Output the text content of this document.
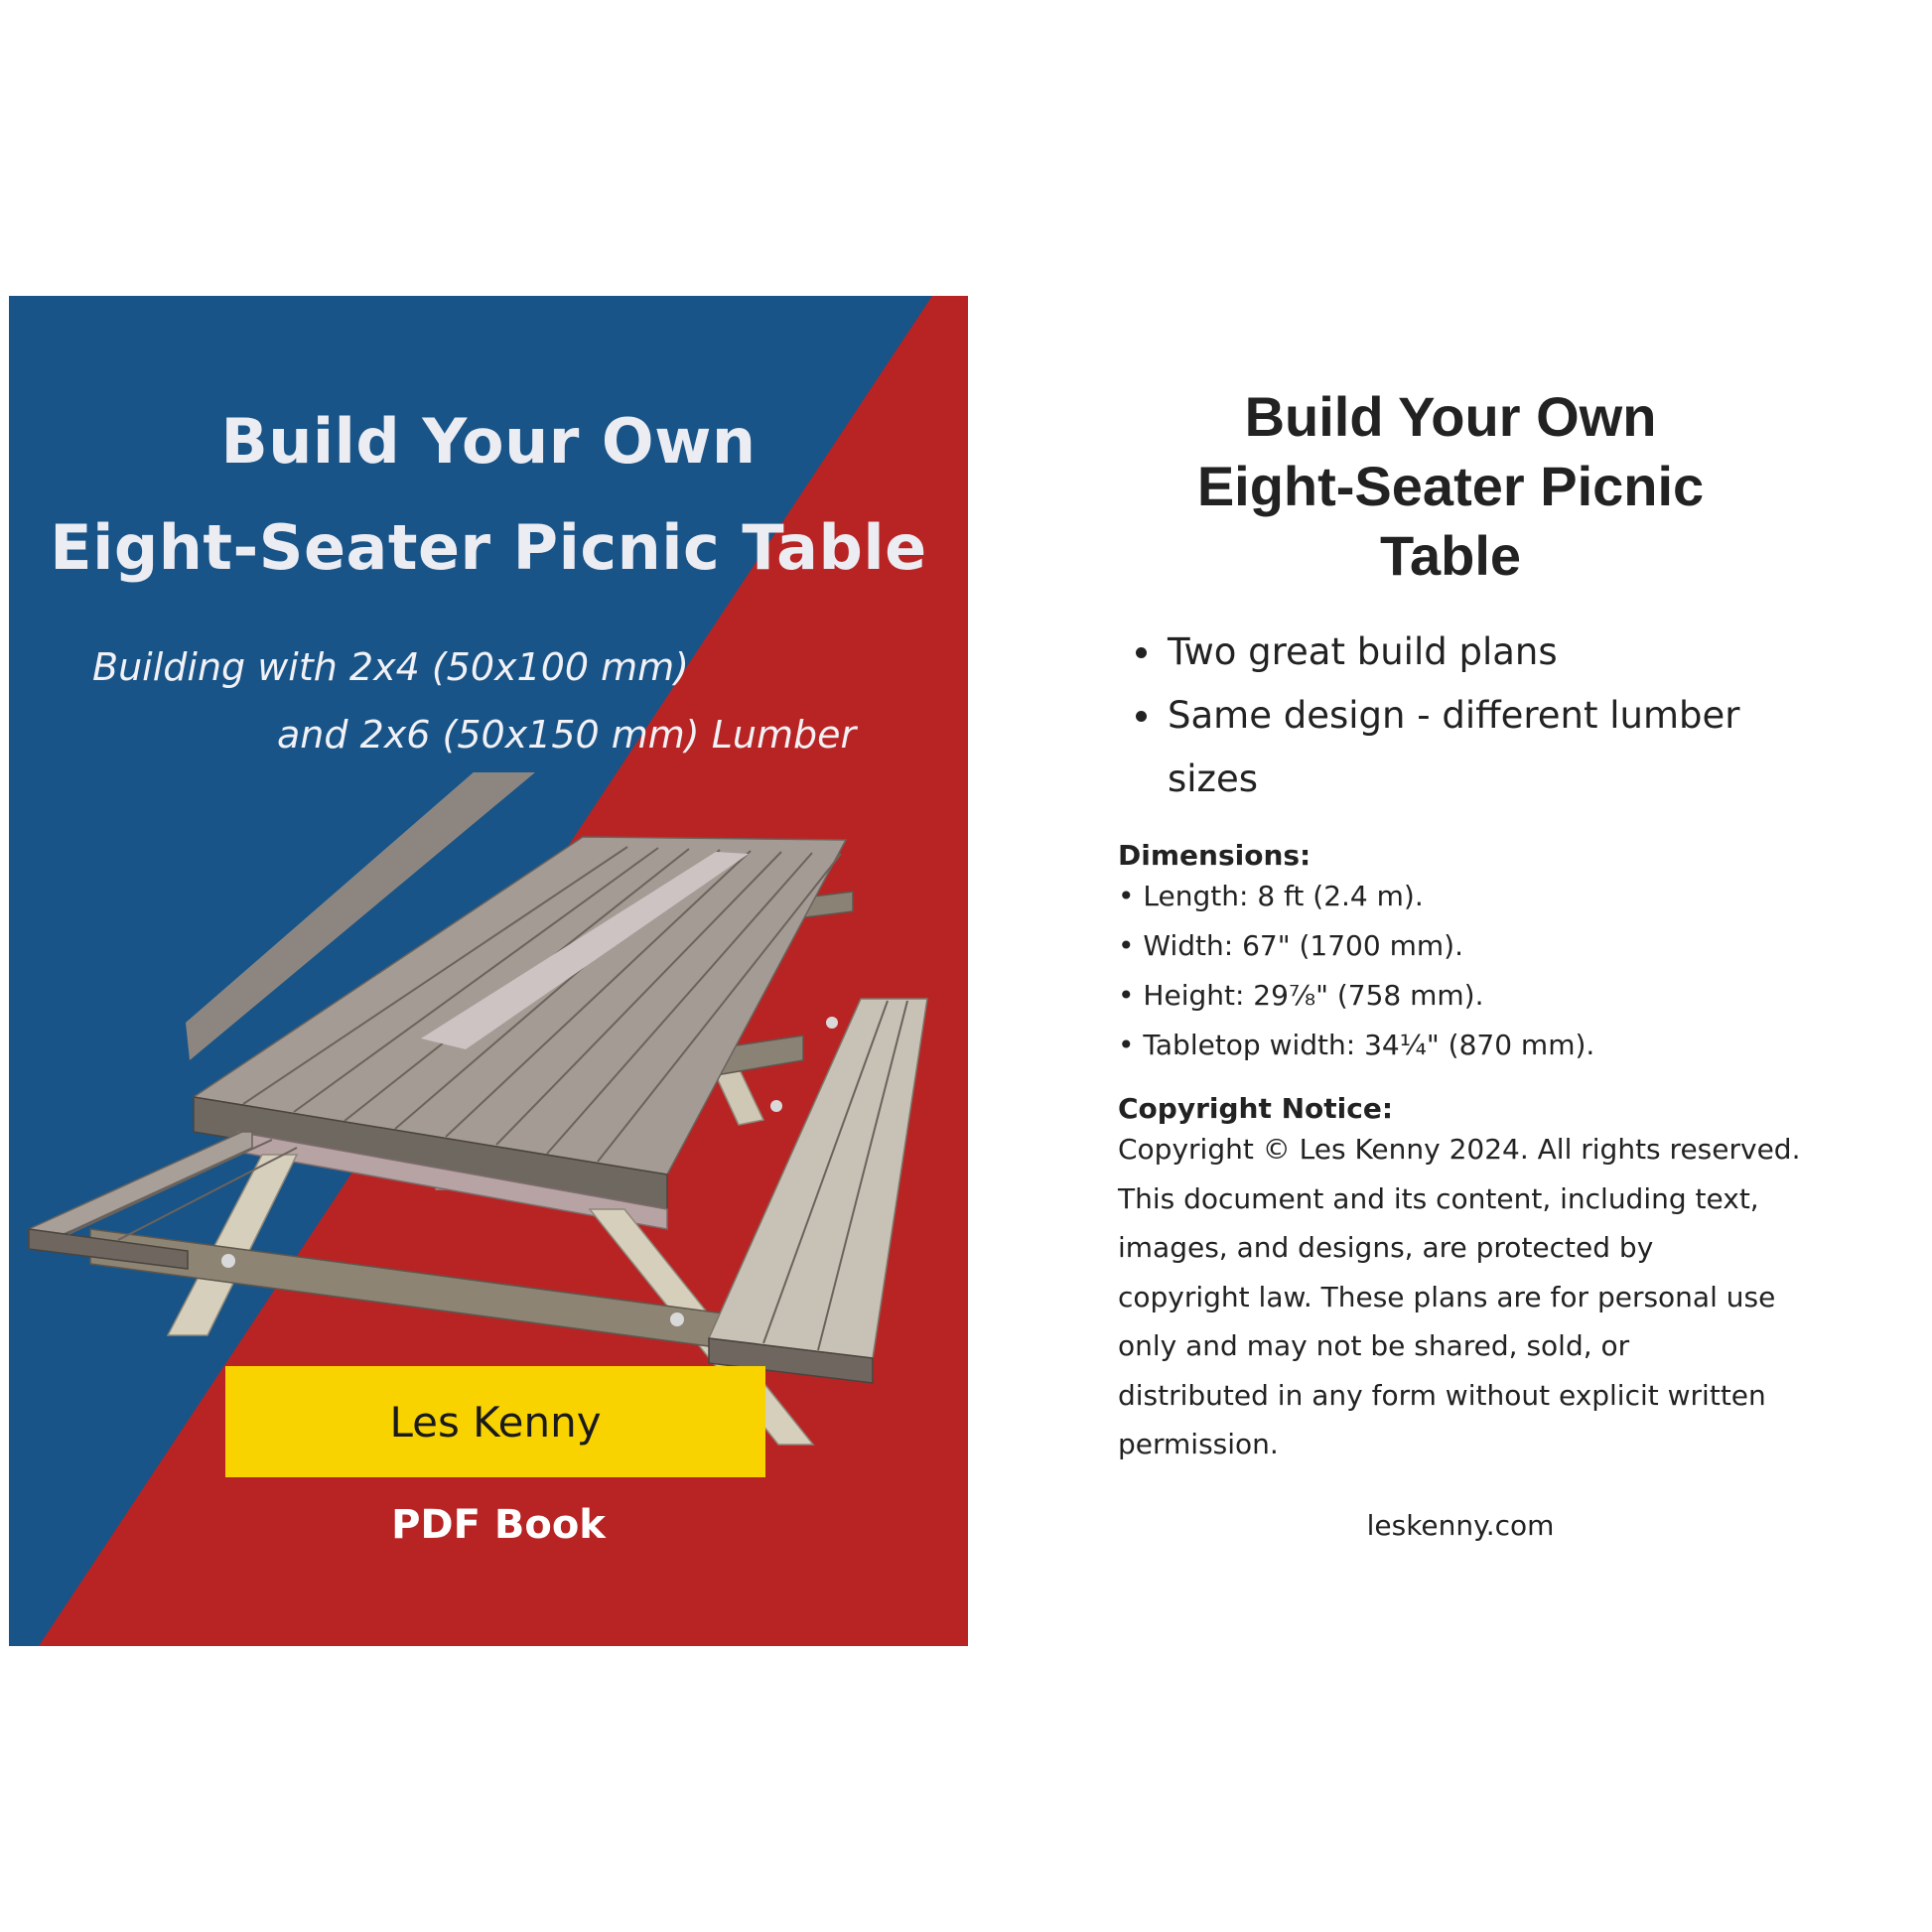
Build Your Own
Eight-Seater Picnic Table
Building with 2x4 (50x100 mm)
and 2x6 (50x150 mm) Lumber
Les Kenny
PDF Book
Build Your Own
Eight-Seater Picnic
Table
Two great build plans
Same design - different lumber
sizes
Dimensions:
• Length: 8 ft (2.4 m).
• Width: 67" (1700 mm).
• Height: 29⅞" (758 mm).
• Tabletop width: 34¼" (870 mm).
Copyright Notice:
Copyright © Les Kenny 2024. All rights reserved.
This document and its content, including text,
images, and designs, are protected by
copyright law. These plans are for personal use
only and may not be shared, sold, or
distributed in any form without explicit written
permission.
leskenny.com
